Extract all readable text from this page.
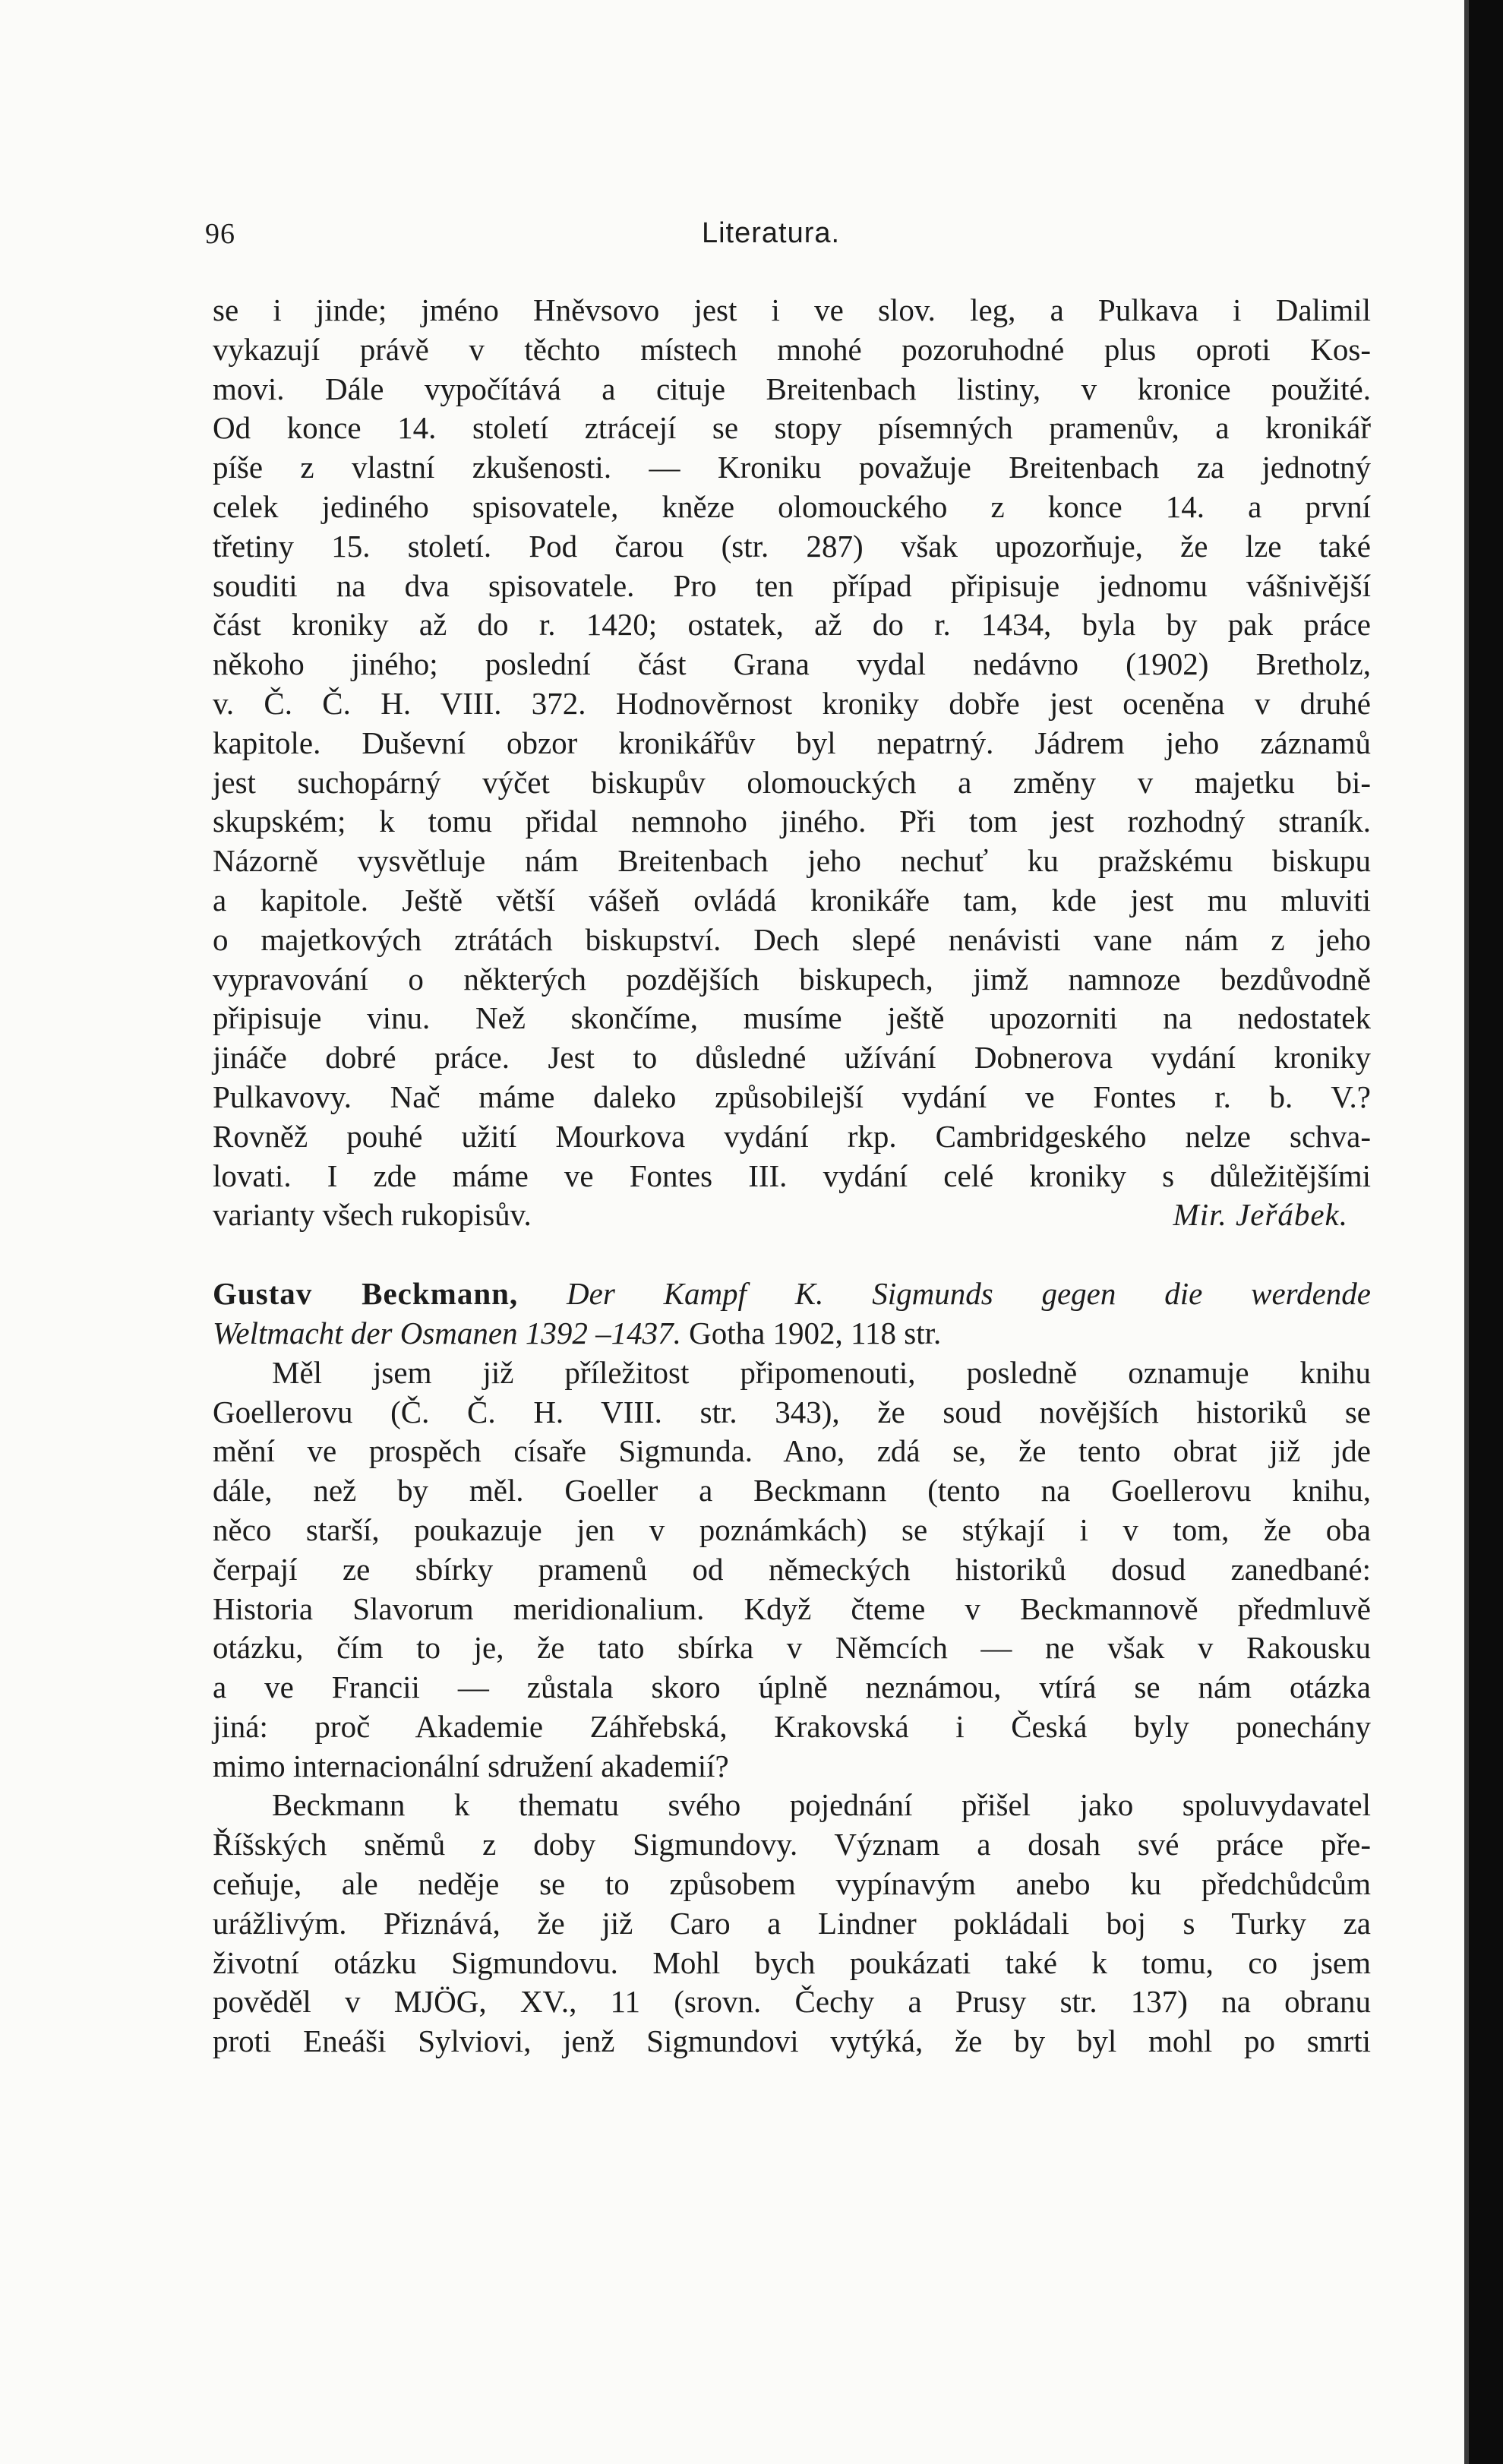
96	Literatura.
se i jinde; jméno Hněvsovo jest i ve slov. leg, a Pulkava i Dalimil
vykazují právě v těchto místech mnohé pozoruhodné plus oproti Kos-
movi. Dále vypočítává a cituje Breitenbach listiny, v kronice použité.
Od konce 14. století ztrácejí se stopy písemných pramenův, a kronikář
píše z vlastní zkušenosti. — Kroniku považuje Breitenbach za jednotný
celek jediného spisovatele, kněze olomouckého z konce 14. a první
třetiny 15. století. Pod čarou (str. 287) však upozorňuje, že lze také
souditi na dva spisovatele. Pro ten případ připisuje jednomu vášnivější
část kroniky až do r. 1420; ostatek, až do r. 1434, byla by pak práce
někoho jiného; poslední část Grana vydal nedávno (1902) Bretholz,
v. Č. Č. H. VIII. 372. Hodnověrnost kroniky dobře jest oceněna v druhé
kapitole. Duševní obzor kronikářův byl nepatrný. Jádrem jeho záznamů
jest suchopárný výčet biskupův olomouckých a změny v majetku bi-
skupském; k tomu přidal nemnoho jiného. Při tom jest rozhodný straník.
Názorně vysvětluje nám Breitenbach jeho nechuť ku pražskému biskupu
a kapitole. Ještě větší vášeň ovládá kronikáře tam, kde jest mu mluviti
o majetkových ztrátách biskupství. Dech slepé nenávisti vane nám z jeho
vypravování o některých pozdějších biskupech, jimž namnoze bezdůvodně
připisuje vinu. Než skončíme, musíme ještě upozorniti na nedostatek
jináče dobré práce. Jest to důsledné užívání Dobnerova vydání kroniky
Pulkavovy. Nač máme daleko způsobilejší vydání ve Fontes r. b. V.?
Rovněž pouhé užití Mourkova vydání rkp. Cambridgeského nelze schva-
lovati. I zde máme ve Fontes III. vydání celé kroniky s důležitějšími
varianty všech rukopisův.	Mir. Jeřábek.
Gustav Beckmann, Der Kampf K. Sigmunds gegen die werdende
Weltmacht der Osmanen 1392 –1437. Gotha 1902, 118 str.
Měl jsem již příležitost připomenouti, posledně oznamuje knihu
Goellerovu (Č. Č. H. VIII. str. 343), že soud novějších historiků se
mění ve prospěch císaře Sigmunda. Ano, zdá se, že tento obrat již jde
dále, než by měl. Goeller a Beckmann (tento na Goellerovu knihu,
něco starší, poukazuje jen v poznámkách) se stýkají i v tom, že oba
čerpají ze sbírky pramenů od německých historiků dosud zanedbané:
Historia Slavorum meridionalium. Když čteme v Beckmannově předmluvě
otázku, čím to je, že tato sbírka v Němcích — ne však v Rakousku
a ve Francii — zůstala skoro úplně neznámou, vtírá se nám otázka
jiná: proč Akademie Záhřebská, Krakovská i Česká byly ponechány
mimo internacionální sdružení akademií?
Beckmann k thematu svého pojednání přišel jako spoluvydavatel
Říšských sněmů z doby Sigmundovy. Význam a dosah své práce pře-
ceňuje, ale neděje se to způsobem vypínavým anebo ku předchůdcům
urážlivým. Přiznává, že již Caro a Lindner pokládali boj s Turky za
životní otázku Sigmundovu. Mohl bych poukázati také k tomu, co jsem
pověděl v MJÖG, XV., 11 (srovn. Čechy a Prusy str. 137) na obranu
proti Eneáši Sylviovi, jenž Sigmundovi vytýká, že by byl mohl po smrti
